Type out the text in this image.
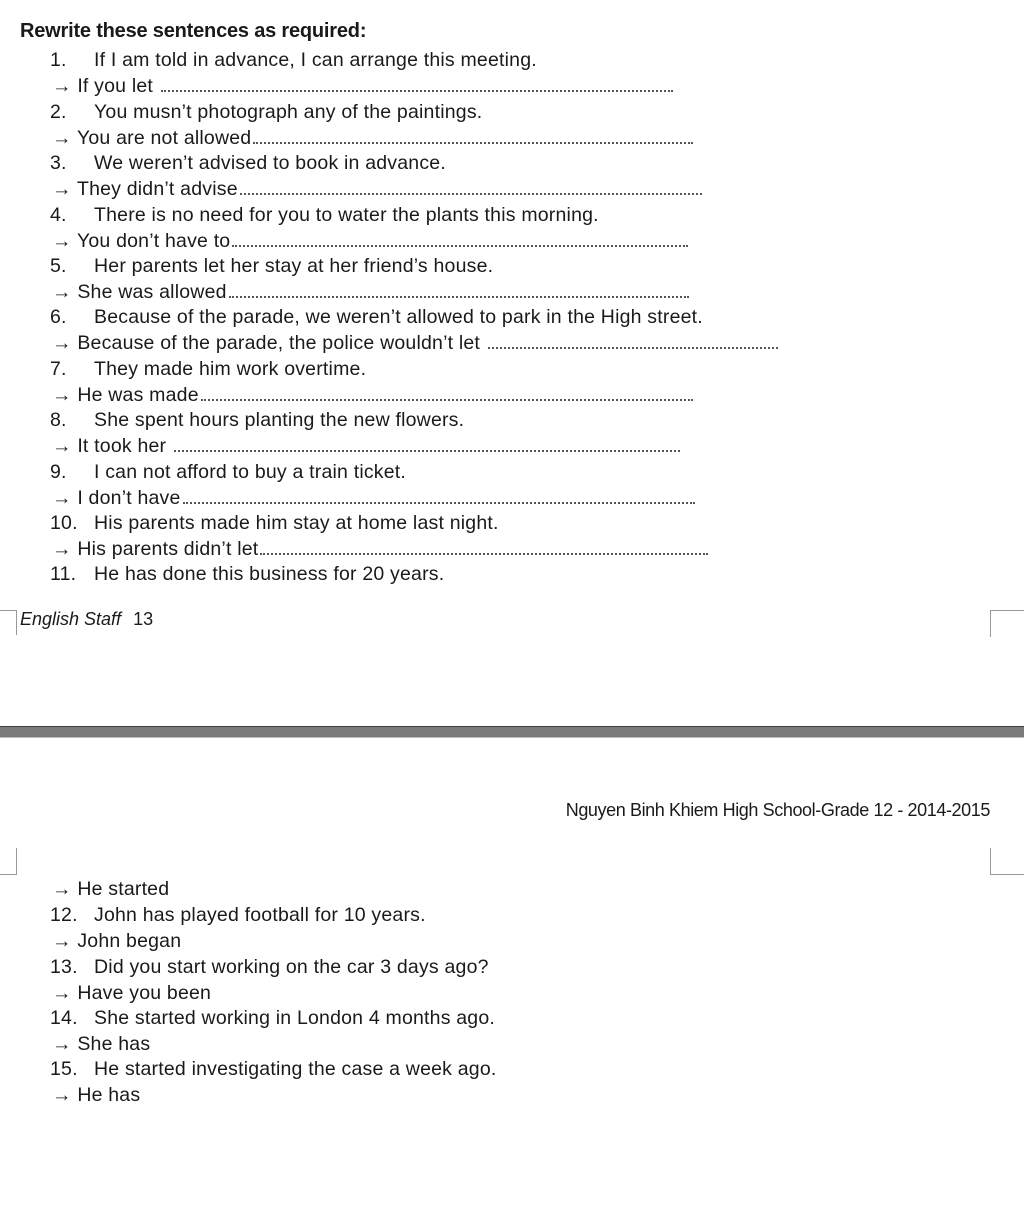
Rewrite these sentences as required:
1. If I am told in advance, I can arrange this meeting.
→ If you let
2. You musn’t photograph any of the paintings.
→ You are not allowed
3. We weren’t advised to book in advance.
→ They didn’t advise
4. There is no need for you to water the plants this morning.
→ You don’t have to
5. Her parents let her stay at her friend’s house.
→ She was allowed
6. Because of the parade, we weren’t allowed to park in the High street.
→ Because of the parade, the police wouldn’t let
7. They made him work overtime.
→ He was made
8. She spent hours planting the new flowers.
→ It took her
9. I can not afford to buy a train ticket.
→ I don’t have
10. His parents made him stay at home last night.
→ His parents didn’t let
11. He has done this business for 20 years.
English Staff 13
Nguyen Binh Khiem High School-Grade 12 - 2014-2015
→ He started
12. John has played football for 10 years.
→ John began
13. Did you start working on the car 3 days ago?
→ Have you been
14. She started working in London 4 months ago.
→ She has
15. He started investigating the case a week ago.
→ He has
